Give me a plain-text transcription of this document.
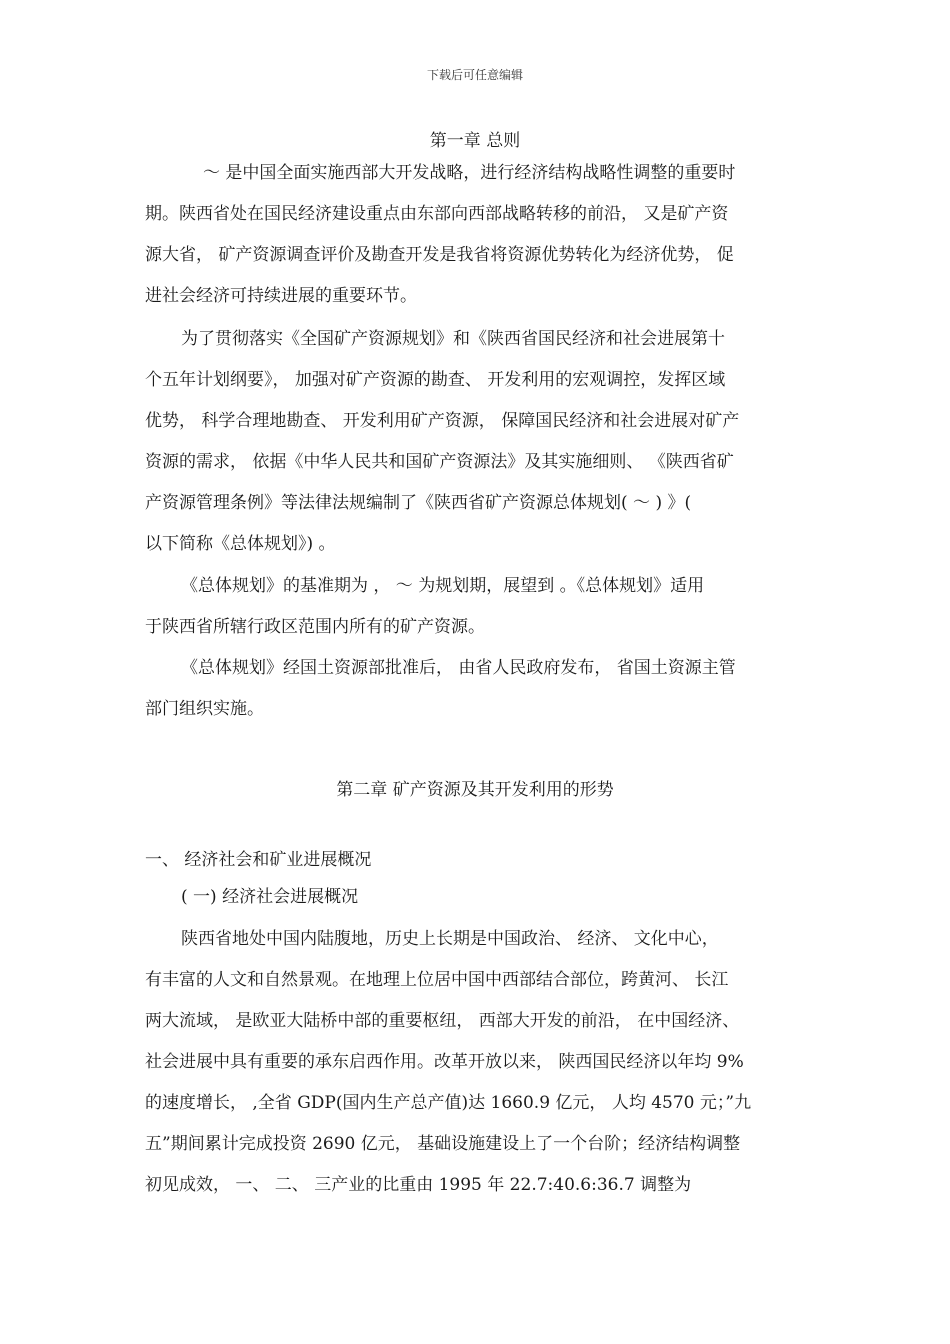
下载后可任意编辑
第一章 总则
～ 是中国全面实施西部大开发战略，进行经济结构战略性调整的重要时
期。陕西省处在国民经济建设重点由东部向西部战略转移的前沿， 又是矿产资
源大省， 矿产资源调查评价及勘查开发是我省将资源优势转化为经济优势， 促
进社会经济可持续进展的重要环节。
为了贯彻落实《全国矿产资源规划》和《陕西省国民经济和社会进展第十
个五年计划纲要》， 加强对矿产资源的勘查、 开发利用的宏观调控，发挥区域
优势， 科学合理地勘查、 开发利用矿产资源， 保障国民经济和社会进展对矿产
资源的需求， 依据《中华人民共和国矿产资源法》及其实施细则、 《陕西省矿
产资源管理条例》等法律法规编制了《陕西省矿产资源总体规划( ～ ) 》(
以下简称《总体规划》) 。
《总体规划》的基准期为 ， ～ 为规划期，展望到 。《总体规划》适用
于陕西省所辖行政区范围内所有的矿产资源。
《总体规划》经国土资源部批准后， 由省人民政府发布， 省国土资源主管
部门组织实施。
第二章 矿产资源及其开发利用的形势
一、 经济社会和矿业进展概况
( 一) 经济社会进展概况
陕西省地处中国内陆腹地，历史上长期是中国政治、 经济、 文化中心，
有丰富的人文和自然景观。在地理上位居中国中西部结合部位，跨黄河、 长江
两大流域， 是欧亚大陆桥中部的重要枢纽， 西部大开发的前沿， 在中国经济、
社会进展中具有重要的承东启西作用。改革开放以来， 陕西国民经济以年均 9%
的速度增长， ,全省 GDP(国内生产总产值)达 1660.9 亿元， 人均 4570 元；”九
五”期间累计完成投资 2690 亿元， 基础设施建设上了一个台阶；经济结构调整
初见成效， 一、 二、 三产业的比重由 1995 年 22.7:40.6:36.7 调整为
